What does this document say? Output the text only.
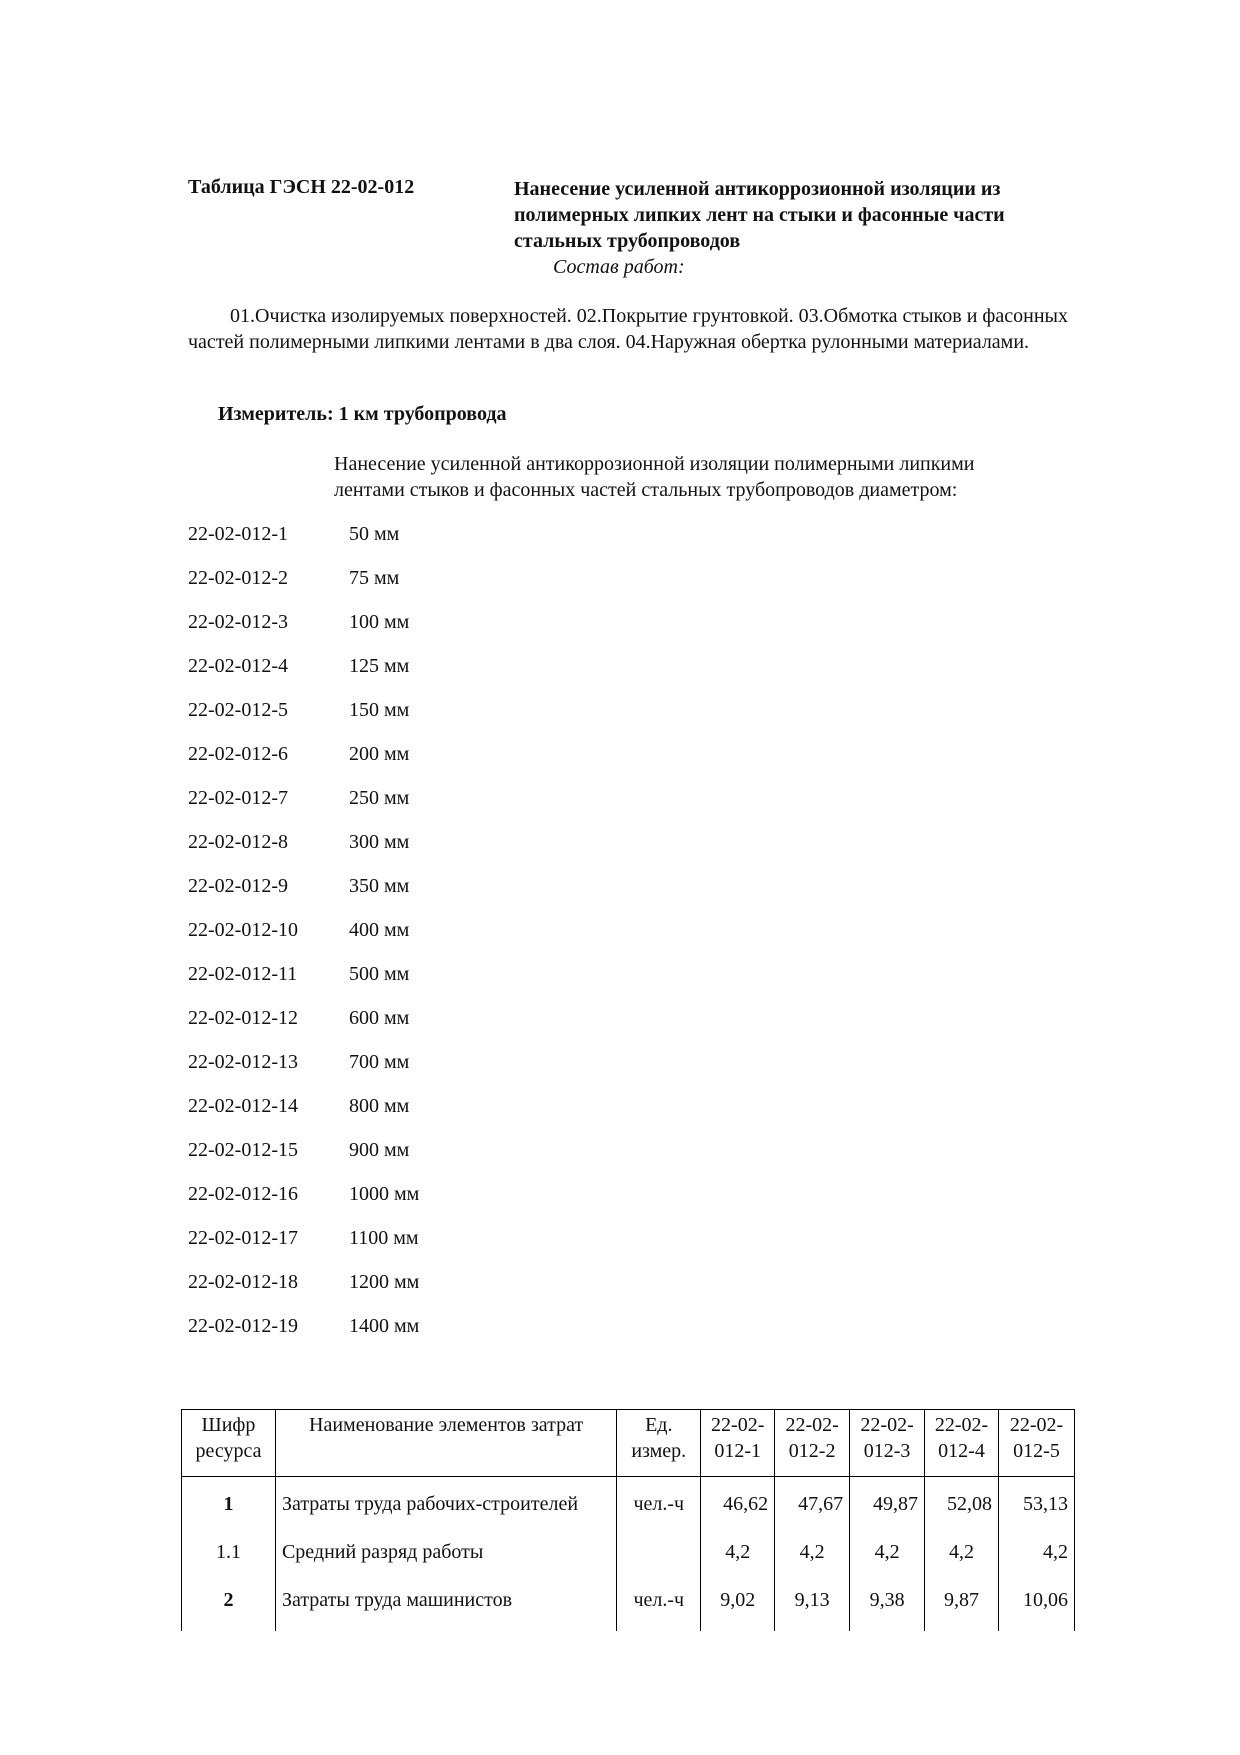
Таблица ГЭСН 22-02-012	Нанесение усиленной антикоррозионной изоляции из полимерных липких лент на стыки и фасонные части стальных трубопроводов
Состав работ:
01.Очистка изолируемых поверхностей. 02.Покрытие грунтовкой. 03.Обмотка стыков и фасонных частей полимерными липкими лентами в два слоя. 04.Наружная обертка рулонными материалами.
Измеритель: 1 км трубопровода
Нанесение усиленной антикоррозионной изоляции полимерными липкими лентами стыков и фасонных частей стальных трубопроводов диаметром:
22-02-012-1	50 мм
22-02-012-2	75 мм
22-02-012-3	100 мм
22-02-012-4	125 мм
22-02-012-5	150 мм
22-02-012-6	200 мм
22-02-012-7	250 мм
22-02-012-8	300 мм
22-02-012-9	350 мм
22-02-012-10	400 мм
22-02-012-11	500 мм
22-02-012-12	600 мм
22-02-012-13	700 мм
22-02-012-14	800 мм
22-02-012-15	900 мм
22-02-012-16	1000 мм
22-02-012-17	1100 мм
22-02-012-18	1200 мм
22-02-012-19	1400 мм
Шифр ресурса	Наименование элементов затрат	Ед. измер.	22-02-012-1	22-02-012-2	22-02-012-3	22-02-012-4	22-02-012-5
1	Затраты труда рабочих-строителей	чел.-ч	46,62	47,67	49,87	52,08	53,13
1.1	Средний разряд работы		4,2	4,2	4,2	4,2	4,2
2	Затраты труда машинистов	чел.-ч	9,02	9,13	9,38	9,87	10,06
